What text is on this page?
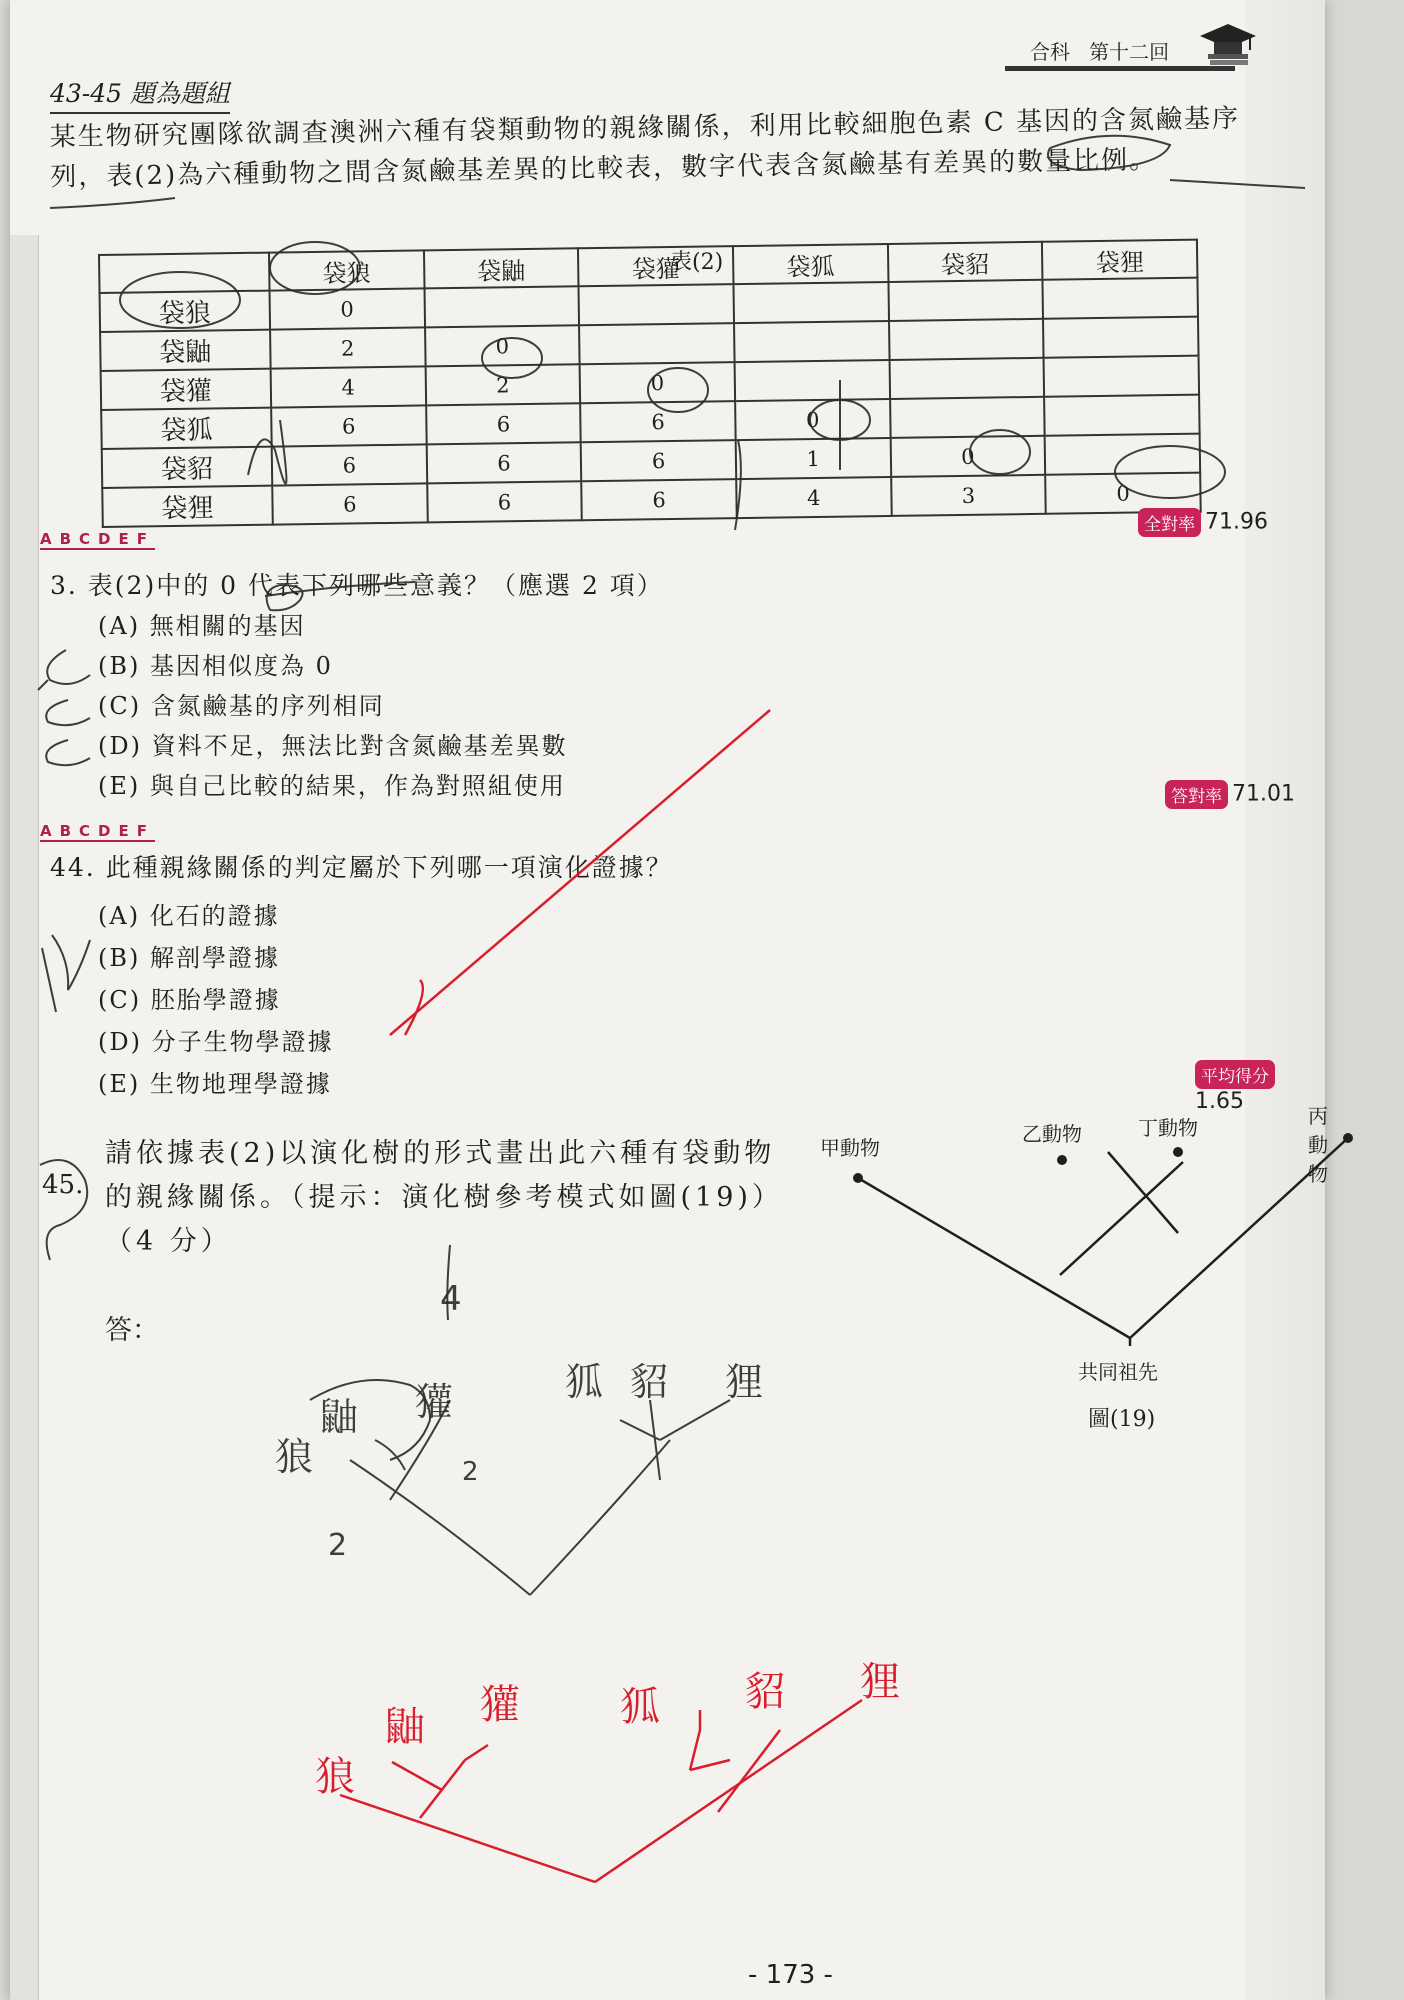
合科 第十二回
43-45 題為題組
某生物研究團隊欲調查澳洲六種有袋類動物的親緣關係，利用比較細胞色素 C 基因的含氮鹼基序列，表(2)為六種動物之間含氮鹼基差異的比較表，數字代表含氮鹼基有差異的數量比例。
表(2)
	袋狼	袋鼬	袋獾	袋狐	袋貂	袋狸
袋狼	0					
袋鼬	2	0				
袋獾	4	2	0			
袋狐	6	6	6	0		
袋貂	6	6	6	1	0	
袋狸	6	6	6	4	3	0
全對率 71.96
ABCDEF
3. 表(2)中的 0 代表下列哪些意義？（應選 2 項）
(A) 無相關的基因
(B) 基因相似度為 0
(C) 含氮鹼基的序列相同
(D) 資料不足，無法比對含氮鹼基差異數
(E) 與自己比較的結果，作為對照組使用	答對率 71.01
ABCDEF
44. 此種親緣關係的判定屬於下列哪一項演化證據？
(A) 化石的證據
(B) 解剖學證據
(C) 胚胎學證據
(D) 分子生物學證據
(E) 生物地理學證據	平均得分1.65
45.
請依據表(2)以演化樹的形式畫出此六種有袋動物的親緣關係。（提示：演化樹參考模式如圖(19)）（4 分）
答：
甲動物
乙動物	丁動物	丙動物
共同祖先
圖(19)
狼
鼬 獾	狐 貂 狸
2
2
4
狼
鼬 獾	狐 貂 狸
- 173 -
